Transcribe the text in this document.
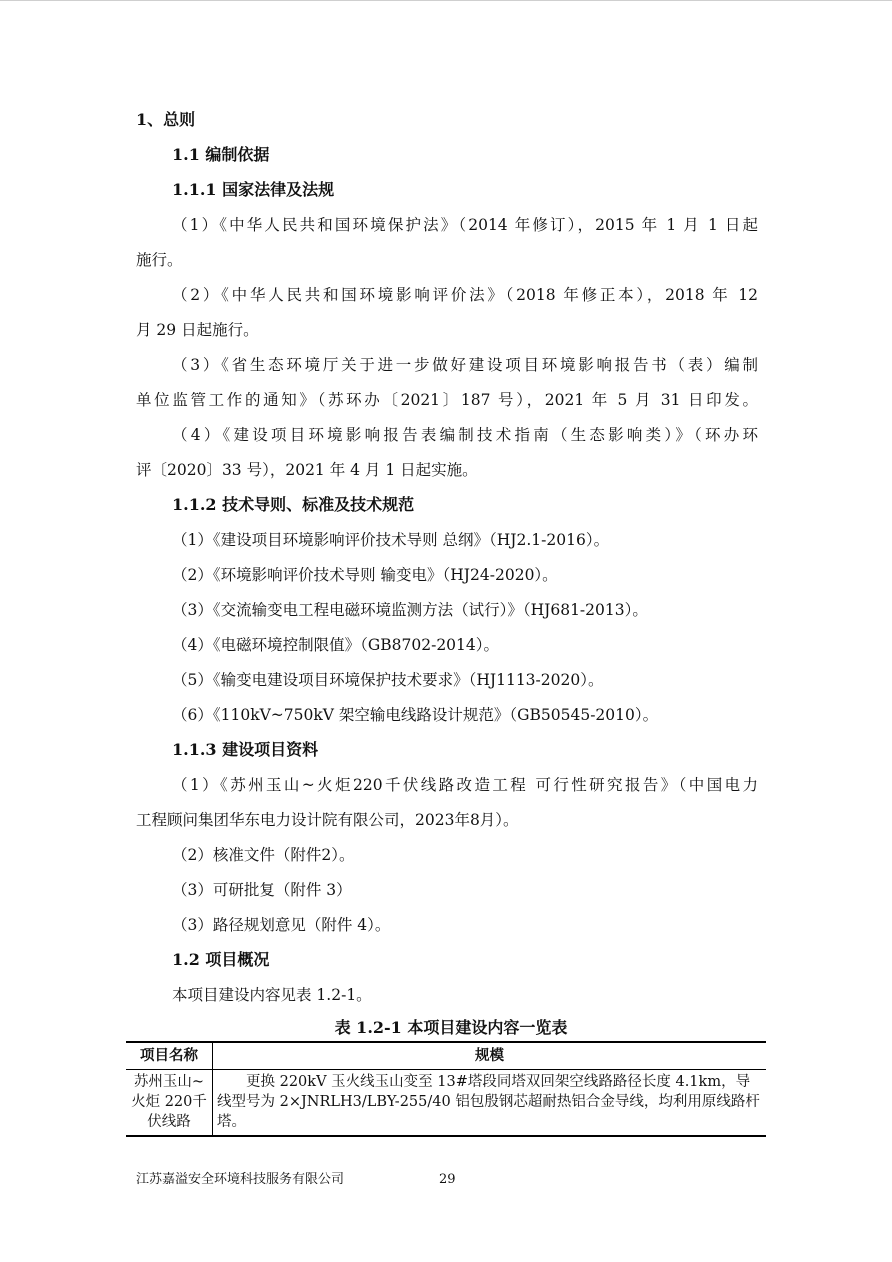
1、总则
1.1 编制依据
1.1.1 国家法律及法规
（1）《中华人民共和国环境保护法》（2014 年修订），2015 年 1 月 1 日起
施行。
（2）《中华人民共和国环境影响评价法》（2018 年修正本），2018 年 12
月 29 日起施行。
（3）《省生态环境厅关于进一步做好建设项目环境影响报告书（表）编制
单位监管工作的通知》（苏环办〔2021〕187 号），2021 年 5 月 31 日印发。
（4）《建设项目环境影响报告表编制技术指南（生态影响类）》（环办环
评〔2020〕33 号），2021 年 4 月 1 日起实施。
1.1.2 技术导则、标准及技术规范
（1）《建设项目环境影响评价技术导则 总纲》（HJ2.1-2016）。
（2）《环境影响评价技术导则 输变电》（HJ24-2020）。
（3）《交流输变电工程电磁环境监测方法（试行）》（HJ681-2013）。
（4）《电磁环境控制限值》（GB8702-2014）。
（5）《输变电建设项目环境保护技术要求》（HJ1113-2020）。
（6）《110kV~750kV 架空输电线路设计规范》（GB50545-2010）。
1.1.3 建设项目资料
（1）《苏州玉山~火炬220千伏线路改造工程 可行性研究报告》（中国电力
工程顾问集团华东电力设计院有限公司，2023年8月）。
（2）核准文件（附件2）。
（3）可研批复（附件 3）
（3）路径规划意见（附件 4）。
1.2 项目概况
本项目建设内容见表 1.2-1。
表 1.2-1 本项目建设内容一览表
项目名称	规模
苏州玉山~火炬 220千伏线路	更换 220kV 玉火线玉山变至 13#塔段同塔双回架空线路路径长度 4.1km，导线型号为 2×JNRLH3/LBY-255/40 铝包殷钢芯超耐热铝合金导线，均利用原线路杆塔。
江苏嘉溢安全环境科技服务有限公司	29
